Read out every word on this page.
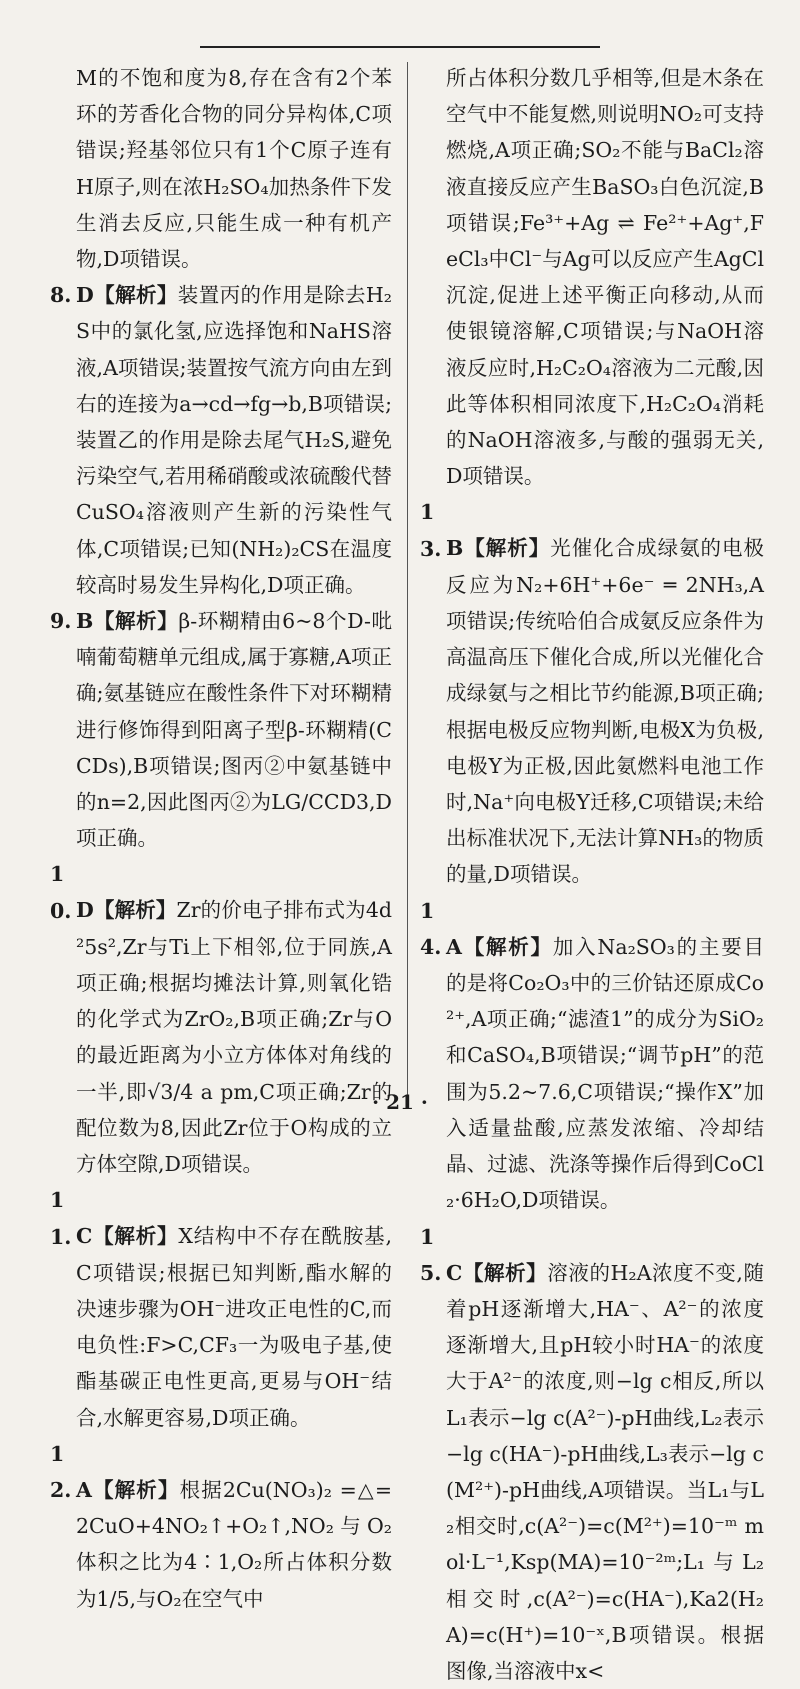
M的不饱和度为8,存在含有2个苯环的芳香化合物的同分异构体,C项错误;羟基邻位只有1个C原子连有H原子,则在浓H₂SO₄加热条件下发生消去反应,只能生成一种有机产物,D项错误。

8. D【解析】装置丙的作用是除去H₂S中的氯化氢,应选择饱和NaHS溶液,A项错误;装置按气流方向由左到右的连接为a→cd→fg→b,B项错误;装置乙的作用是除去尾气H₂S,避免污染空气,若用稀硝酸或浓硫酸代替CuSO₄溶液则产生新的污染性气体,C项错误;已知(NH₂)₂CS在温度较高时易发生异构化,D项正确。

9. B【解析】β-环糊精由6~8个D-吡喃葡萄糖单元组成,属于寡糖,A项正确;氨基链应在酸性条件下对环糊精进行修饰得到阳离子型β-环糊精(CCDs),B项错误;图丙②中氨基链中的n=2,因此图丙②为LG/CCD3,D项正确。

10. D【解析】Zr的价电子排布式为4d²5s²,Zr与Ti上下相邻,位于同族,A项正确;根据均摊法计算,则氧化锆的化学式为ZrO₂,B项正确;Zr与O的最近距离为小立方体体对角线的一半,即√3/4 a pm,C项正确;Zr的配位数为8,因此Zr位于O构成的立方体空隙,D项错误。

11. C【解析】X结构中不存在酰胺基,C项错误;根据已知判断,酯水解的决速步骤为OH⁻进攻正电性的C,而电负性:F>C,CF₃一为吸电子基,使酯基碳正电性更高,更易与OH⁻结合,水解更容易,D项正确。

12. A【解析】根据2Cu(NO₃)₂ =△= 2CuO+4NO₂↑+O₂↑,NO₂与O₂体积之比为4∶1,O₂所占体积分数为1/5,与O₂在空气中

所占体积分数几乎相等,但是木条在空气中不能复燃,则说明NO₂可支持燃烧,A项正确;SO₂不能与BaCl₂溶液直接反应产生BaSO₃白色沉淀,B项错误;Fe³⁺+Ag ⇌ Fe²⁺+Ag⁺,FeCl₃中Cl⁻与Ag可以反应产生AgCl沉淀,促进上述平衡正向移动,从而使银镜溶解,C项错误;与NaOH溶液反应时,H₂C₂O₄溶液为二元酸,因此等体积相同浓度下,H₂C₂O₄消耗的NaOH溶液多,与酸的强弱无关,D项错误。

13. B【解析】光催化合成绿氨的电极反应为N₂+6H⁺+6e⁻ ═ 2NH₃,A项错误;传统哈伯合成氨反应条件为高温高压下催化合成,所以光催化合成绿氨与之相比节约能源,B项正确;根据电极反应物判断,电极X为负极,电极Y为正极,因此氨燃料电池工作时,Na⁺向电极Y迁移,C项错误;未给出标准状况下,无法计算NH₃的物质的量,D项错误。

14. A【解析】加入Na₂SO₃的主要目的是将Co₂O₃中的三价钴还原成Co²⁺,A项正确;“滤渣1”的成分为SiO₂和CaSO₄,B项错误;“调节pH”的范围为5.2~7.6,C项错误;“操作X”加入适量盐酸,应蒸发浓缩、冷却结晶、过滤、洗涤等操作后得到CoCl₂·6H₂O,D项错误。

15. C【解析】溶液的H₂A浓度不变,随着pH逐渐增大,HA⁻、A²⁻的浓度逐渐增大,且pH较小时HA⁻的浓度大于A²⁻的浓度,则−lg c相反,所以L₁表示−lg c(A²⁻)-pH曲线,L₂表示−lg c(HA⁻)-pH曲线,L₃表示−lg c(M²⁺)-pH曲线,A项错误。当L₁与L₂相交时,c(A²⁻)=c(M²⁺)=10⁻ᵐ mol·L⁻¹,Ksp(MA)=10⁻²ᵐ;L₁与L₂相交时,c(A²⁻)=c(HA⁻),Ka2(H₂A)=c(H⁺)=10⁻ˣ,B项错误。根据图像,当溶液中x<

· 21 ·
